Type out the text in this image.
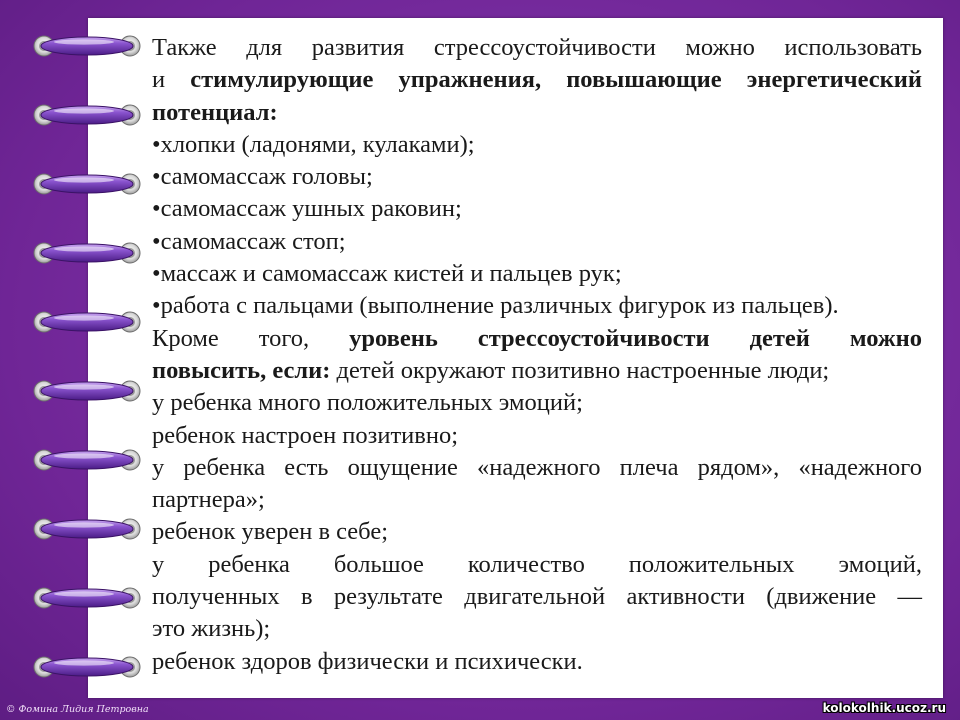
Также для развития стрессоустойчивости можно использовать

и стимулирующие упражнения, повышающие энергетический

потенциал:

•хлопки (ладонями, кулаками);

•самомассаж головы;

•самомассаж ушных раковин;

•самомассаж стоп;

•массаж и самомассаж кистей и пальцев рук;

•работа с пальцами (выполнение различных фигурок из пальцев).

Кроме того, уровень стрессоустойчивости детей можно

повысить, если: детей окружают позитивно настроенные люди;

у ребенка много положительных эмоций;

ребенок настроен позитивно;

у ребенка есть ощущение «надежного плеча рядом», «надежного

партнера»;

ребенок уверен в себе;

у ребенка большое количество положительных эмоций,

полученных в результате двигательной активности (движение —

это жизнь);

ребенок здоров физически и психически.

© Фомина Лидия Петровна	kolokolhik.ucoz.ru
